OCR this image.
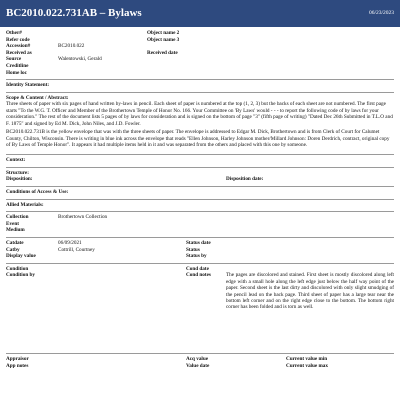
BC2010.022.731AB – Bylaws	06/23/2023
Other#	Object name 2
Refer code	Object name 3
Accession#	BC2010.022
Received as	Received date
Source	Walentowski, Gerald
Creditline
Home loc
Identity Statement:
Scope & Content / Abstract:
Three sheets of paper with six pages of hand written by-laws in pencil. Each sheet of paper is numbered at the top (1, 2, 3) but the backs of each sheet are not numbered. The first page starts "To the W.G. T. Officer and Member of the Brothertown Temple of Honor No. 166. Your Committee on 'By Laws' would - - - to report the following code of by laws for your consideration." The rest of the document lists 5 pages of by laws for consideration and is signed on the bottom of page "3" (fifth page of writing) "Dated Dec 26th Submitted in T.L.O and F. 1875" and signed by Ed M. Dick, John Niles, and J.D. Fowler.
BC2010.022.731B is the yellow envelope that was with the three sheets of paper. The envelope is addressed to Edgar M. Dick, Brothertown and is from Clerk of Court for Calumet County, Chilton, Wisconsin. There is writing in blue ink across the envelope that reads "Ellen Johnson, Harley Johnson mother/Millard Johnson: Doren Derdrich, contract, original copy of By Laws of Temple Honor". It appears it had multiple items held in it and was separated from the others and placed with this one by someone.
Context:
Structure:
Disposition:	Disposition date:
Conditions of Access & Use:
Allied Materials:
Collection	Brothertown Collection
Event
Medium
Catdate	06/09/2021	Status date
Catby	Cottrill, Courtney	Status
Display value	Status by
Condition	Cond date
Condition by	Cond notes	The pages are discolored and stained. First sheet is mostly discolored along left edge with a small hole along the left edge just below the half way point of the paper. Second sheet is the last dirty and discolored with only slight smudging of the pencil lead on the back page. Third sheet of paper has a large tear near the bottom left corner and on the right edge close to the bottom. The bottom right corner has been folded and is torn as well.
Appraisor	Acq value	Current value min
App notes	Value date	Current value max
